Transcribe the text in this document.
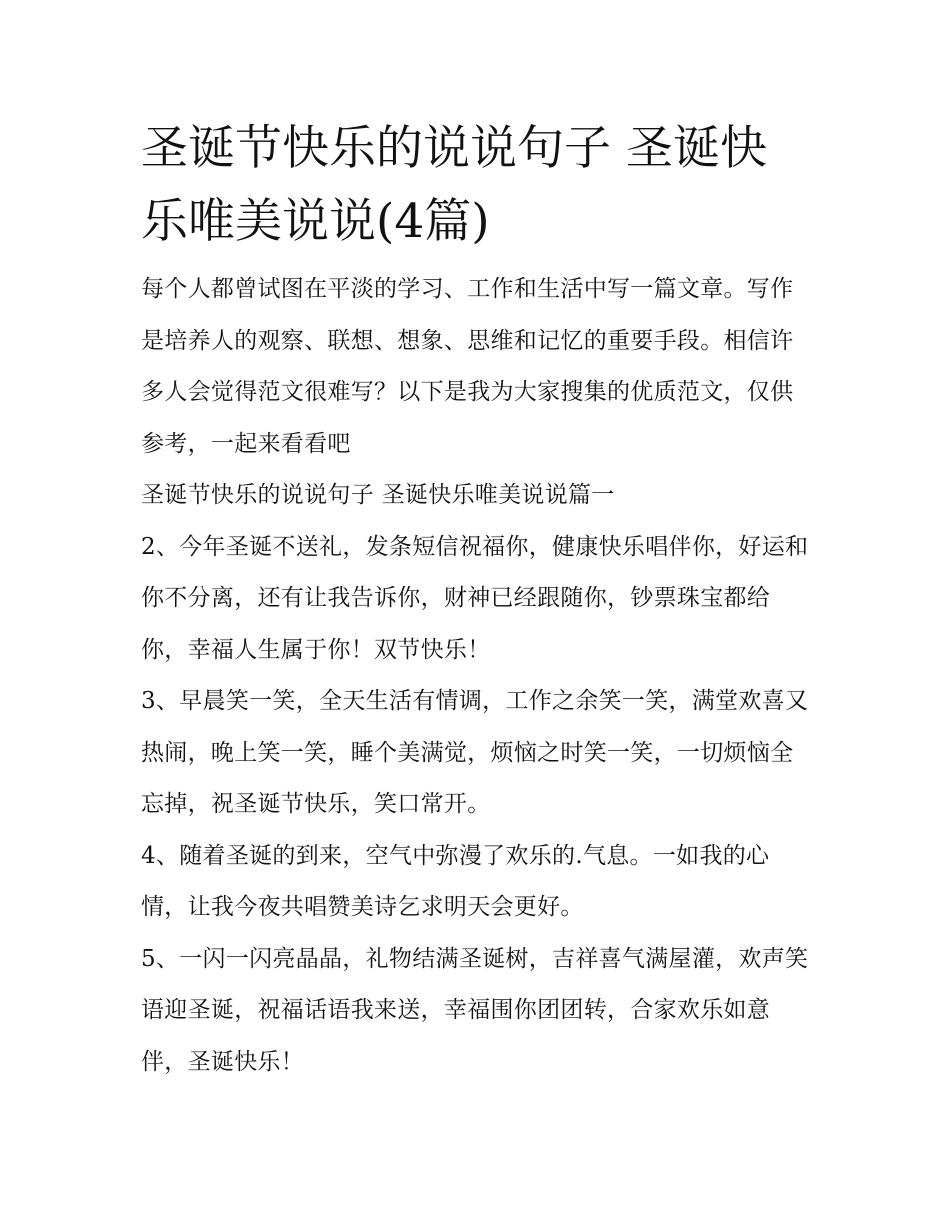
圣诞节快乐的说说句子 圣诞快乐唯美说说(4篇)

每个人都曾试图在平淡的学习、工作和生活中写一篇文章。写作是培养人的观察、联想、想象、思维和记忆的重要手段。相信许多人会觉得范文很难写？以下是我为大家搜集的优质范文，仅供参考，一起来看看吧

圣诞节快乐的说说句子 圣诞快乐唯美说说篇一

2、今年圣诞不送礼，发条短信祝福你，健康快乐唱伴你，好运和你不分离，还有让我告诉你，财神已经跟随你，钞票珠宝都给你，幸福人生属于你！双节快乐！

3、早晨笑一笑，全天生活有情调，工作之余笑一笑，满堂欢喜又热闹，晚上笑一笑，睡个美满觉，烦恼之时笑一笑，一切烦恼全忘掉，祝圣诞节快乐，笑口常开。

4、随着圣诞的到来，空气中弥漫了欢乐的.气息。一如我的心情，让我今夜共唱赞美诗乞求明天会更好。

5、一闪一闪亮晶晶，礼物结满圣诞树，吉祥喜气满屋灌，欢声笑语迎圣诞，祝福话语我来送，幸福围你团团转，合家欢乐如意伴，圣诞快乐！
